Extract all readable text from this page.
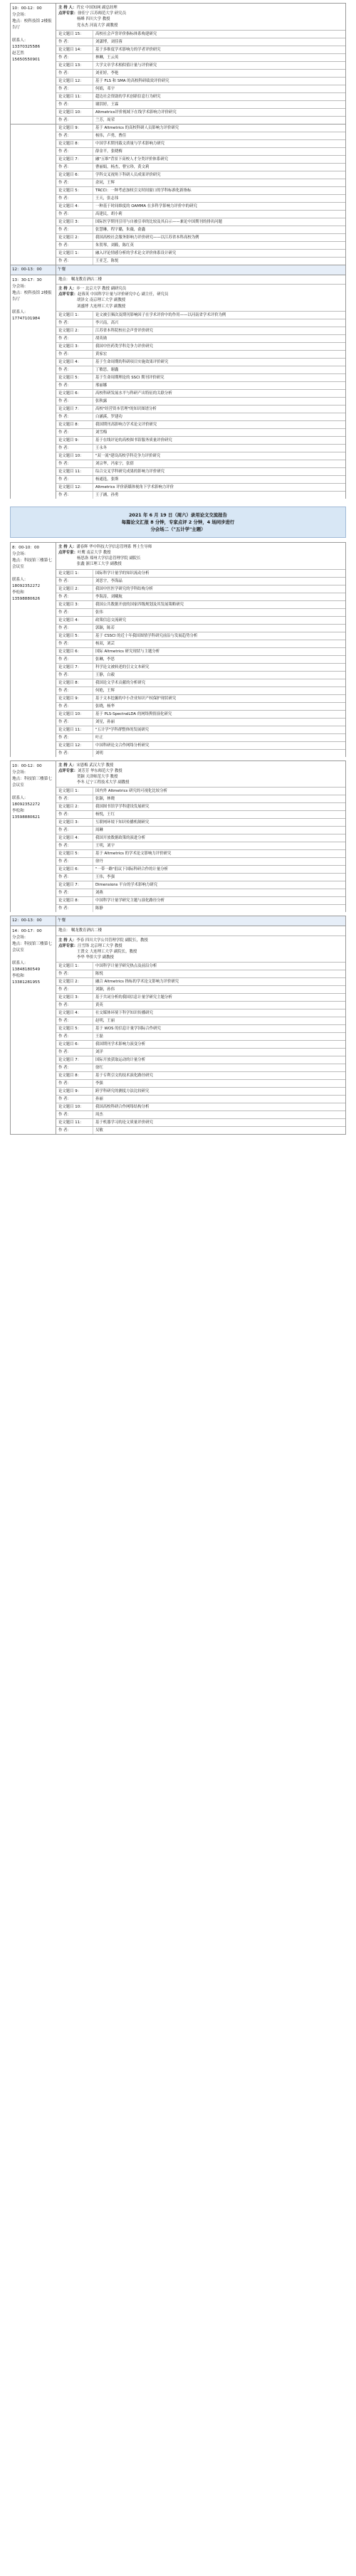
10：00-12：00
分会场：
地点：校科技馆 2楼报告厅

联系人：
13370325586
赵艺然
15650550901
主 持 人：肖宏 中国知网 副总经理
点评专家：徐佳宁 江苏师范大学 研究员
杨峰 四川大学 教授
党永杰 河南大学 副教授
论文题目 15：	高校社会声誉评价指标体系构建研究
作 者：	刘潇博，刘佳蓉
论文题目 14：	基于多维度学术影响力的学者评价研究
作 者：	林琳，王云英
论文题目 13：	大学文章学术相似值计量与评价研究
作 者：	刘亚婷，李艳
论文题目 12：	基于 FLS 和 SMA 的高校科研绩效评价研究
作 者：	何娟，邓宇
论文题目 11：	超边社会资助的学术创新信息行为研究
作 者：	谢洪婷，王霖
论文题目 10：	Altmetrics评价视域下在线学术影响力评价研究
作 者：	兰芳，周荣
论文题目 9：	基于 Altmetrics 的高校科研人员影响力评价研究
作 者：	杨伟，卢勇，曹佳
论文题目 8：	中国学术期刊载文质量与学术影响力研究
作 者：	薛金平，张晓梅
论文题目 7：	融"五维"背景下高校人才分类评价体系研究
作 者：	曹丽娟，杨杰，曹宝珍，黄文莉
论文题目 6：	学科交叉视角下科研人员成果评价研究
作 者：	余同，王辉
论文题目 5：	TRCCI：一种考虑加权引文时间窗口的学科标准化新指标
作 者：	王天，张志伟
论文题目 4：	一种基于时间维度的 OAMMA 在多科学影响力评价中的研究
作 者：	高建民，胡小莉
论文题目 3：	国际医学期刊引用与自被引率的比较及其启示——兼论中国期刊的排名问题
作 者：	张慧琳，程宇璐，朱薇，俞鑫
论文题目 2：	我国高校社会服务影响力评价研究——以江苏省本科高校为例
作 者：	朱贺琴，刘筱，陈红英
论文题目 1：	融入评论情感分析的学术论文评价体系设计研究
作 者：	王亚芝，陈悦
12：00-13：00	午餐
13：30-17：30
分会场：
地点：校科技馆 2楼报告厅

联系人：
17747101984
地点： 嘱龙教育酒店二楼
主 持 人：步一 北京大学 教授 副研究员
点评专家：赵蓉英 中国科学计量与评价研究中心 副主任，研究员
胡泽文 南京理工大学 副教授
刘盛博 大连理工大学 副教授
论文题目 1：	论文被引频次及期刊影响因子在学术评价中的作用——以河南省学术评价为例
作 者：	李兴南，高兴
论文题目 2：	江苏省本科院校社会声誉评价研究
作 者：	胡英勋
论文题目 3：	我国中医药类学科竞争力评价研究
作 者：	黄家宏
论文题目 4：	基于生命周期的科研项目实施效果评价研究
作 者：	丁敏思，谢鑫
论文题目 5：	基于生命周期理论的 SSCI 期刊评价研究
作 者：	邢丽娜
论文题目 6：	高校科研发展水平与科研产出特征的关联分析
作 者：	张秋露
论文题目 7：	高校"经营资本管理"的知识图谱分析
作 者：	白涵溪，罗建功
论文题目 8：	我国期刊高影响力学术论文评价研究
作 者：	刘雪梅
论文题目 9：	基于在线评论的高校图书馆服务质量评价研究
作 者：	王永冬
论文题目 10：	"双一流"建设高校学科竞争力评价研究
作 者：	刘宗华，冯家宁，张倩
论文题目 11：	综合交叉学科研究成果的影响力评价研究
作 者：	杨通选，张斯
论文题目 12：	Altmetrics 评价新媒体视角下学术影响力评价
作 者：	王子涵，孙勇
2021 年 6 月 19 日（周六）录用论文交流报告
每篇论文汇报 8 分钟，专家点评 2 分钟，4 场同步进行
分会场二（"五计学"主题）
8：00-10：00
分会场：
地点：科技馆三楼第七会议室

联系人：
18092352272
李松和
13598880626
主 持 人：潘春辉 华中科技大学信息管理系 博士生导师
点评专家：叶鹰 南京大学 教授
杨思洛 郑州大学信息管理学院 副院长
张鑫 浙江理工大学 副教授
论文题目 1：	国际科学计量学的知识流动分析
作 者：	刘思宇，李海晶
论文题目 2：	我国中医医学研究的学科结构分析
作 者：	李海涛，刘曦航
论文题目 3：	我国公共数据开放的国家四级规划及其发展策略研究
作 者：	张伟
论文题目 4：	政策信息交流研究
作 者：	郭颖，陈若
论文题目 5：	基于 CSSCI 的近十年我国图情学科研究前沿与发展趋势分析
作 者：	杨双，刘芸
论文题目 6：	国际 Altmetrics 研究现状与主题分析
作 者：	张琳，李思
论文题目 7：	科学论文被转述的引文文本研究
作 者：	王静，白毅
论文题目 8：	我国论文学术贡献的分析研究
作 者：	何艳，王辉
论文题目 9：	基于文本挖掘的中小企业知识产权保护现状研究
作 者：	张晓，杨华
论文题目 10：	基于 PLS-SpectralLDA 的网络舆情演化研究
作 者：	刘星，孙丽
论文题目 11：	"五计学"学科群整体的发展研究
作 者：	叶正
论文题目 12：	中国科研论文合作网络分析研究
作 者：	刘明
10：00-12：00
分会场：
地点：科技馆三楼第七会议室

联系人：
18092352272
李松和
13598880621
主 持 人：宋恩梅 武汉大学 教授
点评专家：刘芳芳 华东师范大学 教授
贺颖 天津师范大学 教授
李冬 辽宁工程技术大学 副教授
论文题目 1：	国内外 Altmetrics 研究的可视化比较分析
作 者：	张颖，林晓
论文题目 2：	我国图书馆学学科建设发展研究
作 者：	杨悦，王红
论文题目 3：	互联网环境下知识传播机制研究
作 者：	周琳
论文题目 4：	我国开放数据政策的演进分析
作 者：	王明，刘宇
论文题目 5：	基于 Altmetrics 的学术论文影响力评价研究
作 者：	徐丹
论文题目 6：	"一带一路"倡议下国际科研合作的计量分析
作 者：	王伟，李强
论文题目 7：	Dimensions 平台的学术影响力研究
作 者：	刘燕
论文题目 8：	中国科学计量学研究主题与演化路径分析
作 者：	陈静
12：00-13：00	午餐
14：00-17：00
分会场：
地点：科技馆三楼第七会议室

联系人：
13848180549
李松和
13381281955
地点： 嘱龙教育酒店二楼
主 持 人：李春 四川大学公共管理学院 副院长，教授
点评专家：汪雪锋 北京理工大学 教授
王贤文 大连理工大学 副院长，教授
李华 华侨大学 副教授
论文题目 1：	中国科学计量学研究热点及前沿分析
作 者：	陈悦
论文题目 2：	融合 Altmetrics 指标的学术论文影响力评价研究
作 者：	刘颖，孙伟
论文题目 3：	基于共词分析的我国信息计量学研究主题分析
作 者：	黄英
论文题目 4：	社交媒体环境下科学知识传播研究
作 者：	赵明，王丽
论文题目 5：	基于 WOS 的信息计量学国际合作研究
作 者：	王磊
论文题目 6：	我国期刊学术影响力演变分析
作 者：	刘洋
论文题目 7：	国际开放获取运动的计量分析
作 者：	徐红
论文题目 8：	基于专利引文的技术演化路径研究
作 者：	李强
论文题目 9：	跨学科研究的测度方法比较研究
作 者：	孙丽
论文题目 10：	我国高校科研合作网络结构分析
作 者：	周杰
论文题目 11：	基于机器学习的论文质量评价研究
作 者：	吴敏
